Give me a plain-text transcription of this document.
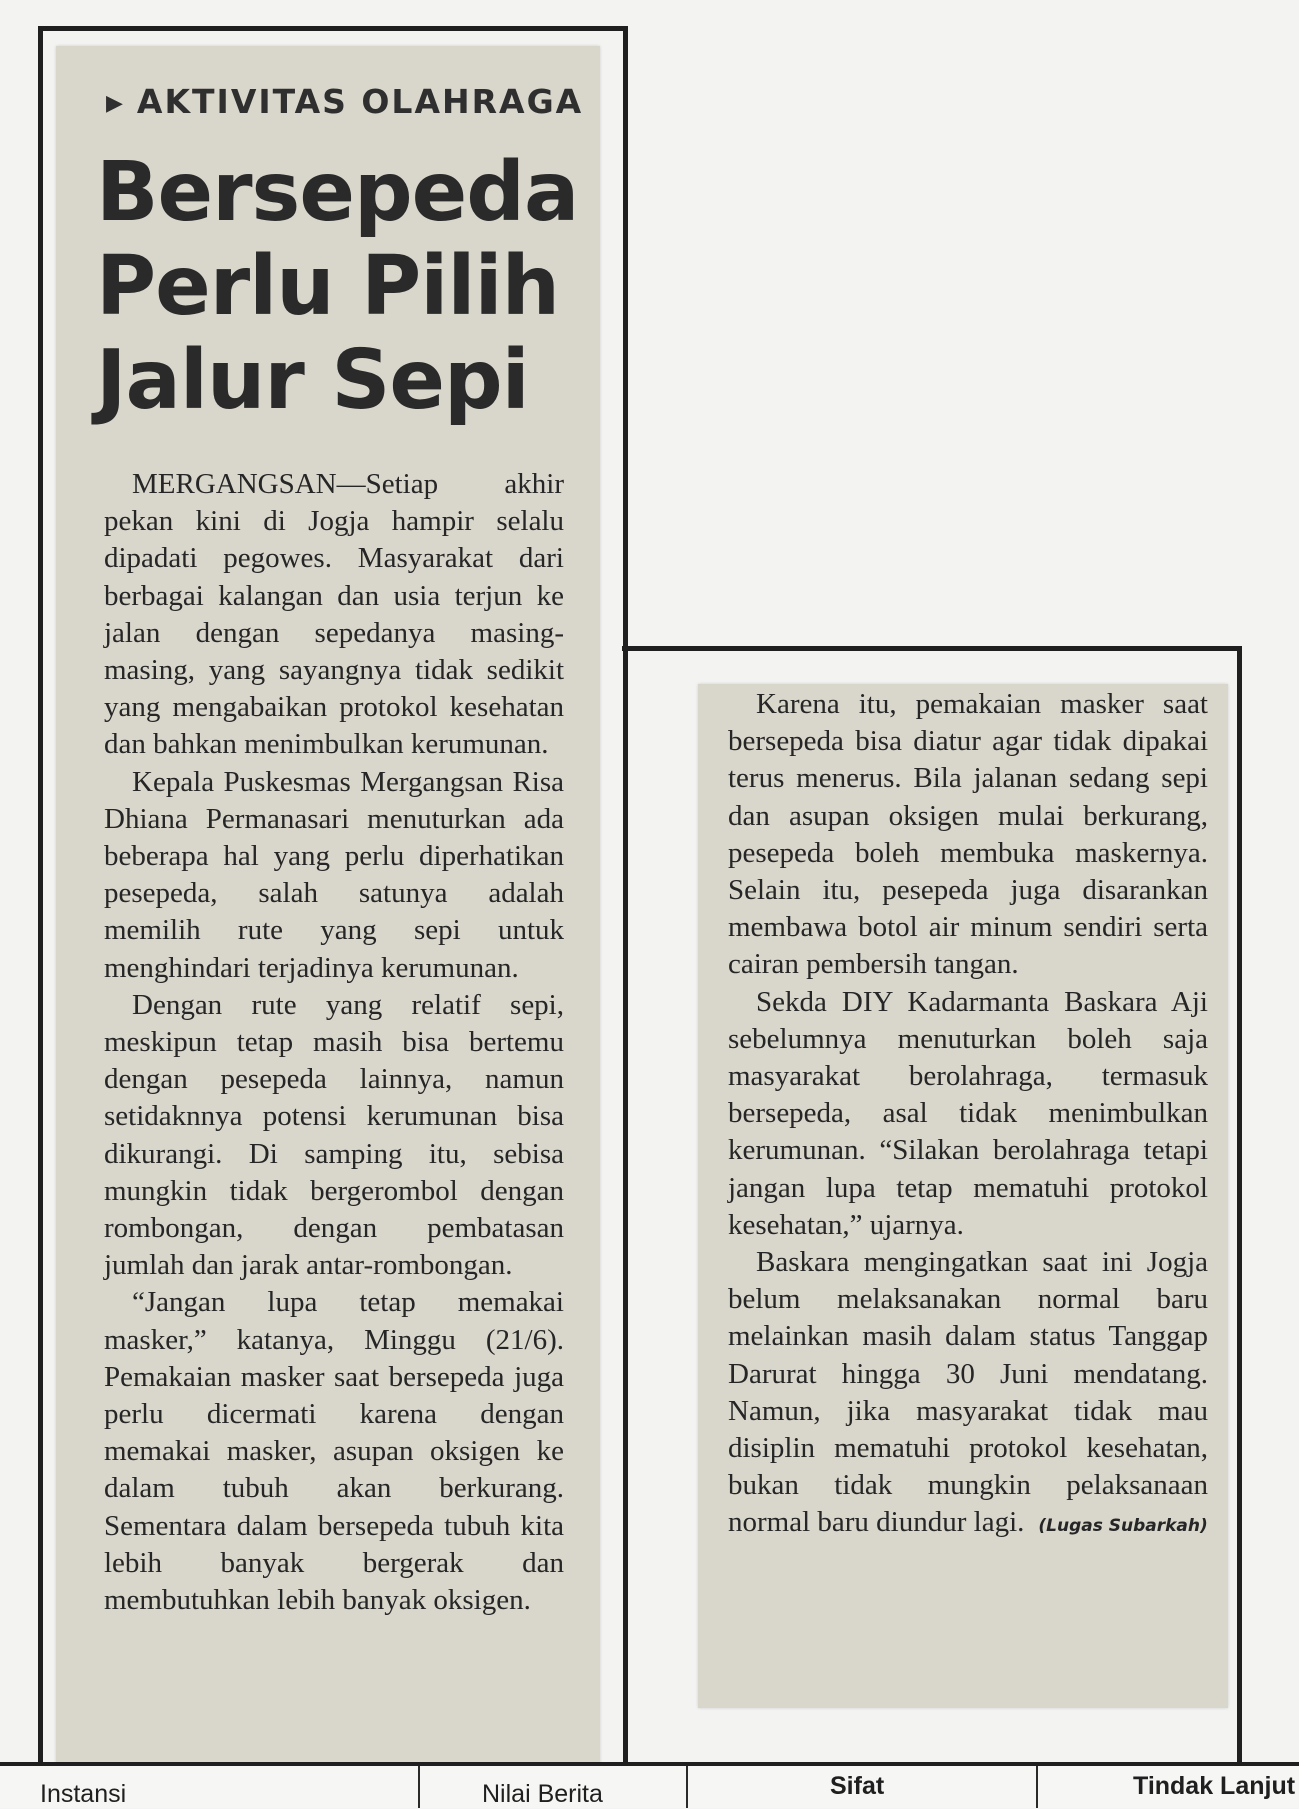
▶ AKTIVITAS OLAHRAGA
Bersepeda
Perlu Pilih
Jalur Sepi

MERGANGSAN—Setiap akhir pekan kini di Jogja hampir selalu dipadati pegowes. Masyarakat dari berbagai kalangan dan usia terjun ke jalan dengan sepedanya masing-masing, yang sayangnya tidak sedikit yang mengabaikan protokol kesehatan dan bahkan menimbulkan kerumunan.

Kepala Puskesmas Mergangsan Risa Dhiana Permanasari menuturkan ada beberapa hal yang perlu diperhatikan pesepeda, salah satunya adalah memilih rute yang sepi untuk menghindari terjadinya kerumunan.

Dengan rute yang relatif sepi, meskipun tetap masih bisa bertemu dengan pesepeda lainnya, namun setidaknnya potensi kerumunan bisa dikurangi. Di samping itu, sebisa mungkin tidak bergerombol dengan rombongan, dengan pembatasan jumlah dan jarak antar-rombongan.

“Jangan lupa tetap memakai masker,” katanya, Minggu (21/6). Pemakaian masker saat bersepeda juga perlu dicermati karena dengan memakai masker, asupan oksigen ke dalam tubuh akan berkurang. Sementara dalam bersepeda tubuh kita lebih banyak bergerak dan membutuhkan lebih banyak oksigen.

Karena itu, pemakaian masker saat bersepeda bisa diatur agar tidak dipakai terus menerus. Bila jalanan sedang sepi dan asupan oksigen mulai berkurang, pesepeda boleh membuka maskernya. Selain itu, pesepeda juga disarankan membawa botol air minum sendiri serta cairan pembersih tangan.

Sekda DIY Kadarmanta Baskara Aji sebelumnya menuturkan boleh saja masyarakat berolahraga, termasuk bersepeda, asal tidak menimbulkan kerumunan. “Silakan berolahraga tetapi jangan lupa tetap mematuhi protokol kesehatan,” ujarnya.

Baskara mengingatkan saat ini Jogja belum melaksanakan normal baru melainkan masih dalam status Tanggap Darurat hingga 30 Juni mendatang. Namun, jika masyarakat tidak mau disiplin mematuhi protokol kesehatan, bukan tidak mungkin pelaksanaan normal baru diundur lagi. (Lugas Subarkah)

Instansi	Nilai Berita	Sifat	Tindak Lanjut
